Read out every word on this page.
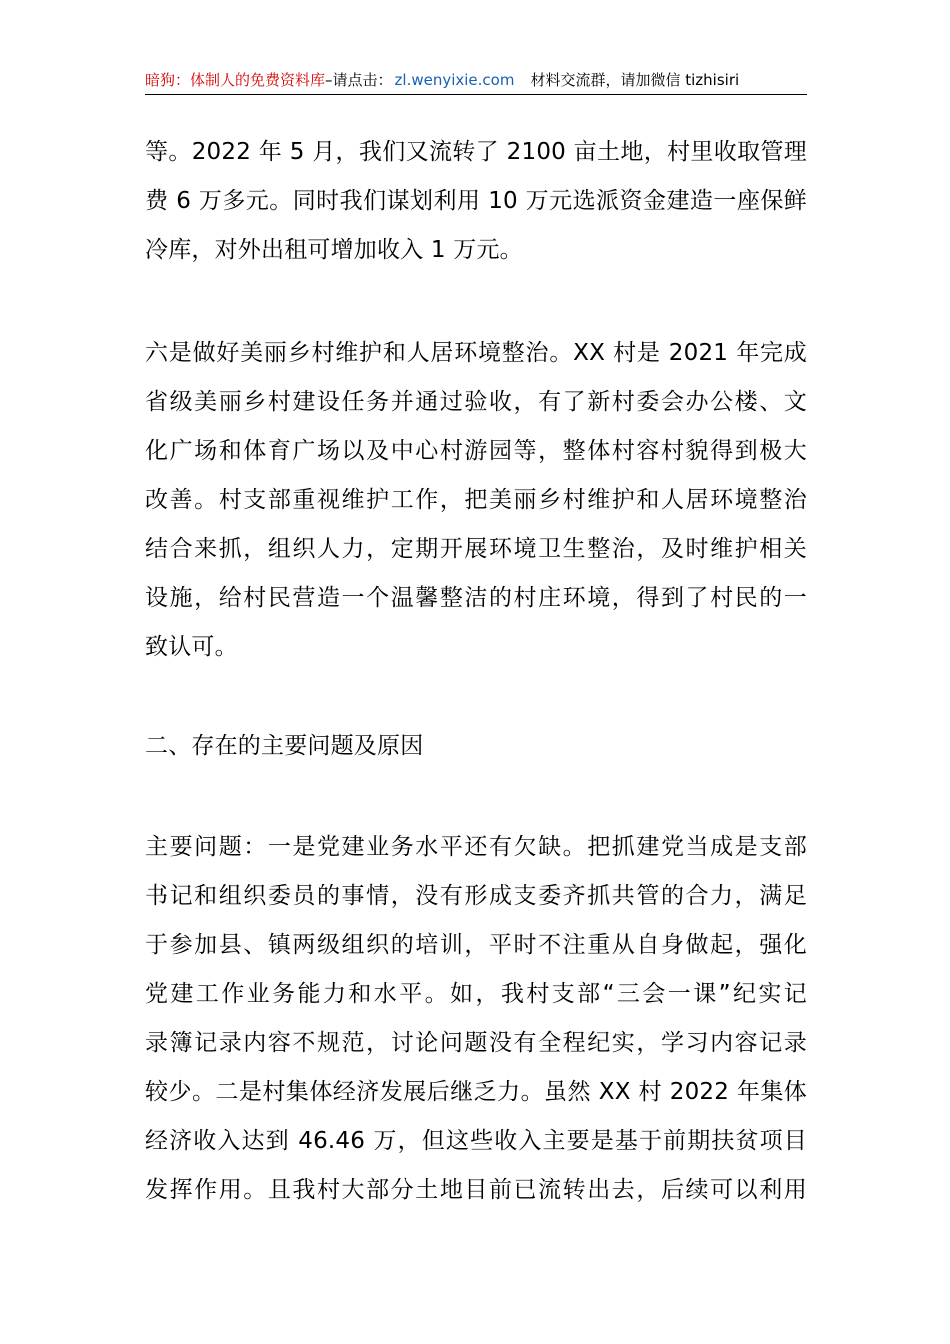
暗狗：体制人的免费资料库–请点击： zl.wenyixie.com 材料交流群，请加微信 tizhisiri
等。2022 年 5 月，我们又流转了 2100 亩土地，村里收取管理
费 6 万多元。同时我们谋划利用 10 万元选派资金建造一座保鲜
冷库，对外出租可增加收入 1 万元。
六是做好美丽乡村维护和人居环境整治。XX 村是 2021 年完成
省级美丽乡村建设任务并通过验收，有了新村委会办公楼、文
化广场和体育广场以及中心村游园等，整体村容村貌得到极大
改善。村支部重视维护工作，把美丽乡村维护和人居环境整治
结合来抓，组织人力，定期开展环境卫生整治，及时维护相关
设施，给村民营造一个温馨整洁的村庄环境，得到了村民的一
致认可。
二、存在的主要问题及原因
主要问题：一是党建业务水平还有欠缺。把抓建党当成是支部
书记和组织委员的事情，没有形成支委齐抓共管的合力，满足
于参加县、镇两级组织的培训，平时不注重从自身做起，强化
党建工作业务能力和水平。如，我村支部“三会一课”纪实记
录簿记录内容不规范，讨论问题没有全程纪实，学习内容记录
较少。二是村集体经济发展后继乏力。虽然 XX 村 2022 年集体
经济收入达到 46.46 万，但这些收入主要是基于前期扶贫项目
发挥作用。且我村大部分土地目前已流转出去，后续可以利用
